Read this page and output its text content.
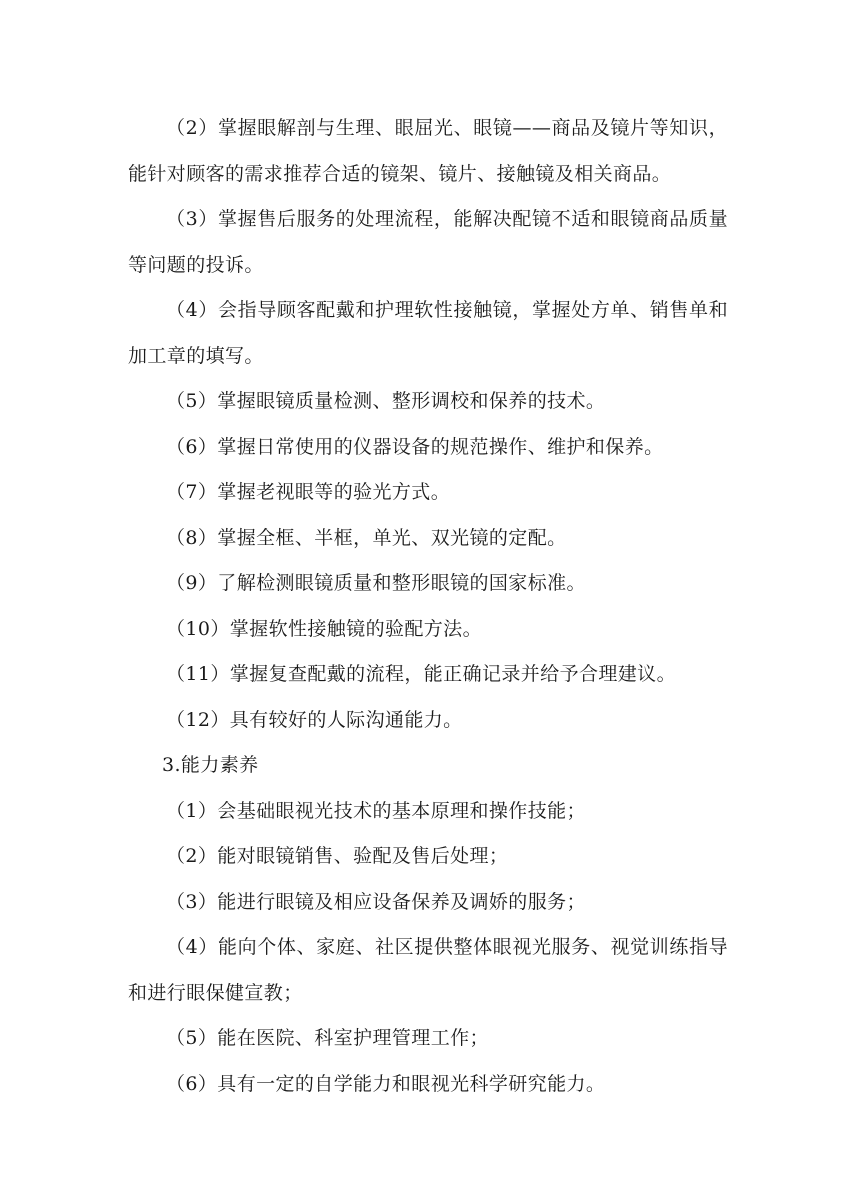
（2）掌握眼解剖与生理、眼屈光、眼镜——商品及镜片等知识，能针对顾客的需求推荐合适的镜架、镜片、接触镜及相关商品。

（3）掌握售后服务的处理流程，能解决配镜不适和眼镜商品质量等问题的投诉。

（4）会指导顾客配戴和护理软性接触镜，掌握处方单、销售单和加工章的填写。

（5）掌握眼镜质量检测、整形调校和保养的技术。

（6）掌握日常使用的仪器设备的规范操作、维护和保养。

（7）掌握老视眼等的验光方式。

（8）掌握全框、半框，单光、双光镜的定配。

（9）了解检测眼镜质量和整形眼镜的国家标准。

（10）掌握软性接触镜的验配方法。

（11）掌握复查配戴的流程，能正确记录并给予合理建议。

（12）具有较好的人际沟通能力。

3.能力素养

（1）会基础眼视光技术的基本原理和操作技能；

（2）能对眼镜销售、验配及售后处理；

（3）能进行眼镜及相应设备保养及调娇的服务；

（4）能向个体、家庭、社区提供整体眼视光服务、视觉训练指导和进行眼保健宣教；

（5）能在医院、科室护理管理工作；

（6）具有一定的自学能力和眼视光科学研究能力。
